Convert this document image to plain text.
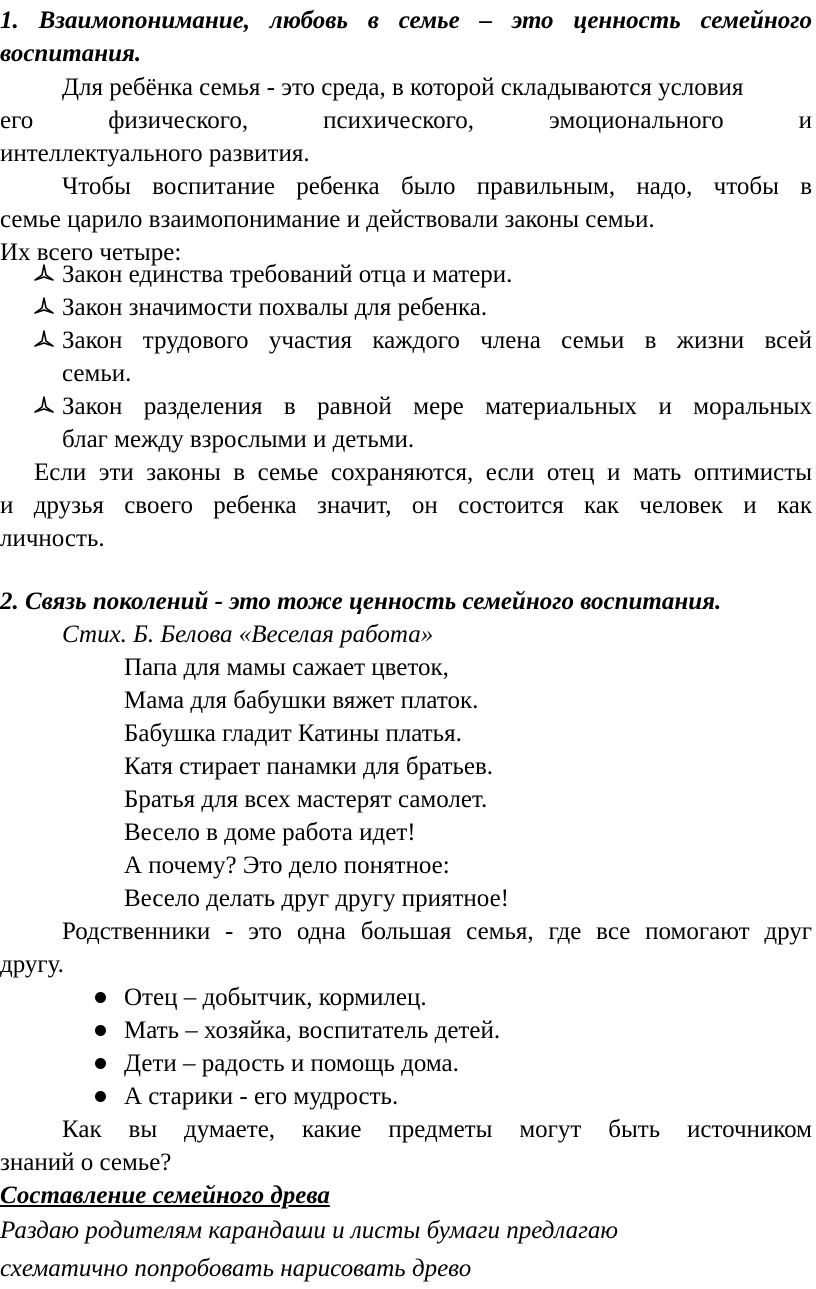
1. Взаимопонимание, любовь в семье – это ценность семейного
воспитания.
Для ребёнка семья - это среда, в которой складываются условия
его	физического,	психического,	эмоционального	и
интеллектуального развития.
Чтобы воспитание ребенка было правильным, надо, чтобы в
семье царило взаимопонимание и действовали законы семьи.
Их всего четыре:
Закон единства требований отца и матери.
Закон значимости похвалы для ребенка.
Закон трудового участия каждого члена семьи в жизни всей
семьи.
Закон разделения в равной мере материальных и моральных
благ между взрослыми и детьми.
Если эти законы в семье сохраняются, если отец и мать оптимисты
и друзья своего ребенка значит, он состоится как человек и как
личность.
2. Связь поколений - это тоже ценность семейного воспитания.
Стих. Б. Белова «Веселая работа»
Папа для мамы сажает цветок,
Мама для бабушки вяжет платок.
Бабушка гладит Катины платья.
Катя стирает панамки для братьев.
Братья для всех мастерят самолет.
Весело в доме работа идет!
А почему? Это дело понятное:
Весело делать друг другу приятное!
Родственники - это одна большая семья, где все помогают друг
другу.
Отец – добытчик, кормилец.
Мать – хозяйка, воспитатель детей.
Дети – радость и помощь дома.
А старики - его мудрость.
Как вы думаете, какие предметы могут быть источником
знаний о семье?
Составление семейного древа
Раздаю родителям карандаши и листы бумаги предлагаю
схематично попробовать нарисовать древо
